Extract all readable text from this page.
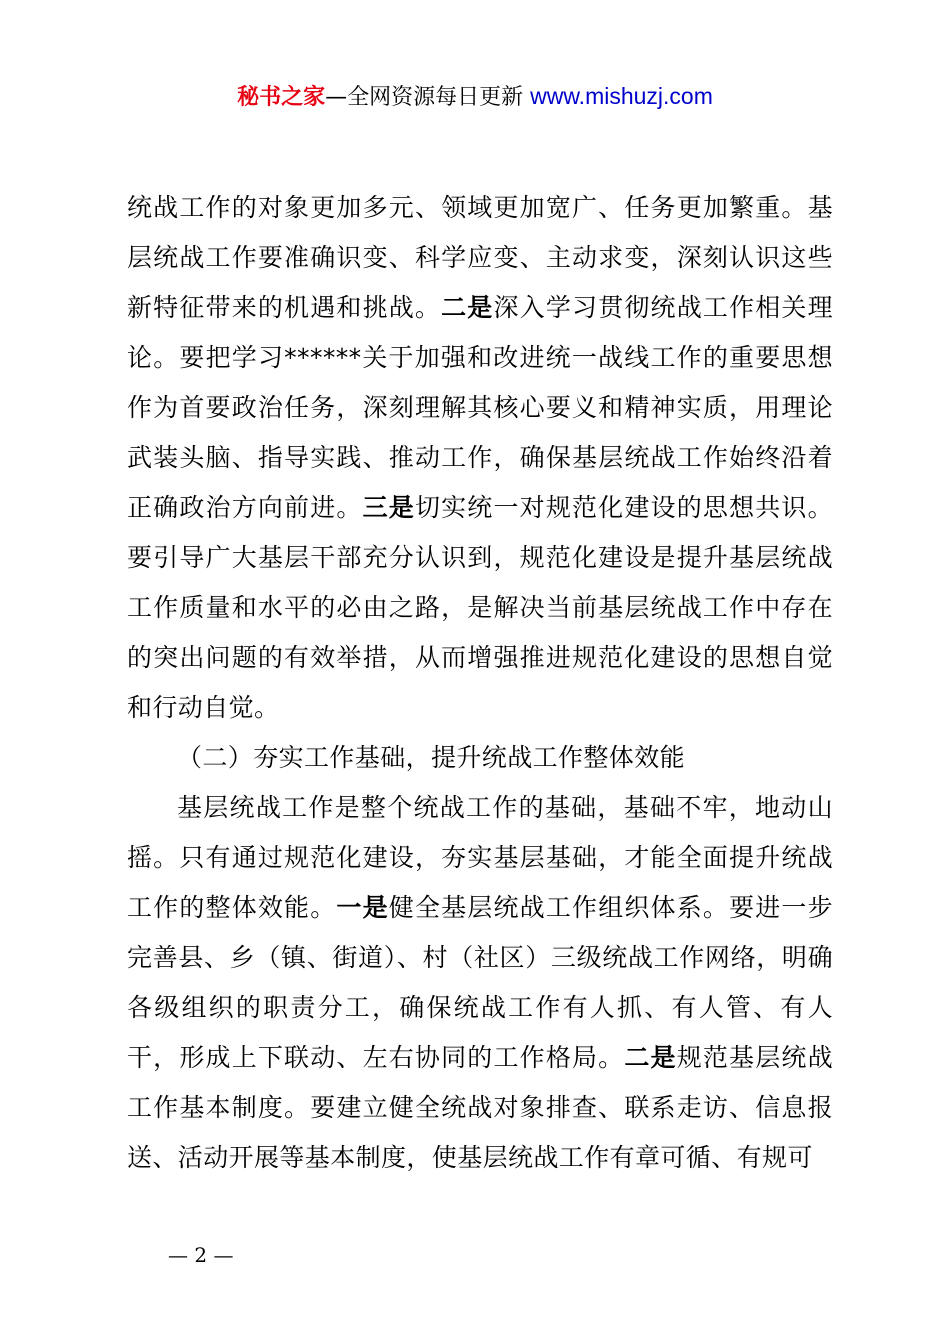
秘书之家—全网资源每日更新 www.mishuzj.com

统战工作的对象更加多元、领域更加宽广、任务更加繁重。基层统战工作要准确识变、科学应变、主动求变，深刻认识这些新特征带来的机遇和挑战。二是深入学习贯彻统战工作相关理论。要把学习******关于加强和改进统一战线工作的重要思想作为首要政治任务，深刻理解其核心要义和精神实质，用理论武装头脑、指导实践、推动工作，确保基层统战工作始终沿着正确政治方向前进。三是切实统一对规范化建设的思想共识。要引导广大基层干部充分认识到，规范化建设是提升基层统战工作质量和水平的必由之路，是解决当前基层统战工作中存在的突出问题的有效举措，从而增强推进规范化建设的思想自觉和行动自觉。

（二）夯实工作基础，提升统战工作整体效能

基层统战工作是整个统战工作的基础，基础不牢，地动山摇。只有通过规范化建设，夯实基层基础，才能全面提升统战工作的整体效能。一是健全基层统战工作组织体系。要进一步完善县、乡（镇、街道）、村（社区）三级统战工作网络，明确各级组织的职责分工，确保统战工作有人抓、有人管、有人干，形成上下联动、左右协同的工作格局。二是规范基层统战工作基本制度。要建立健全统战对象排查、联系走访、信息报送、活动开展等基本制度，使基层统战工作有章可循、有规可

— 2 —
